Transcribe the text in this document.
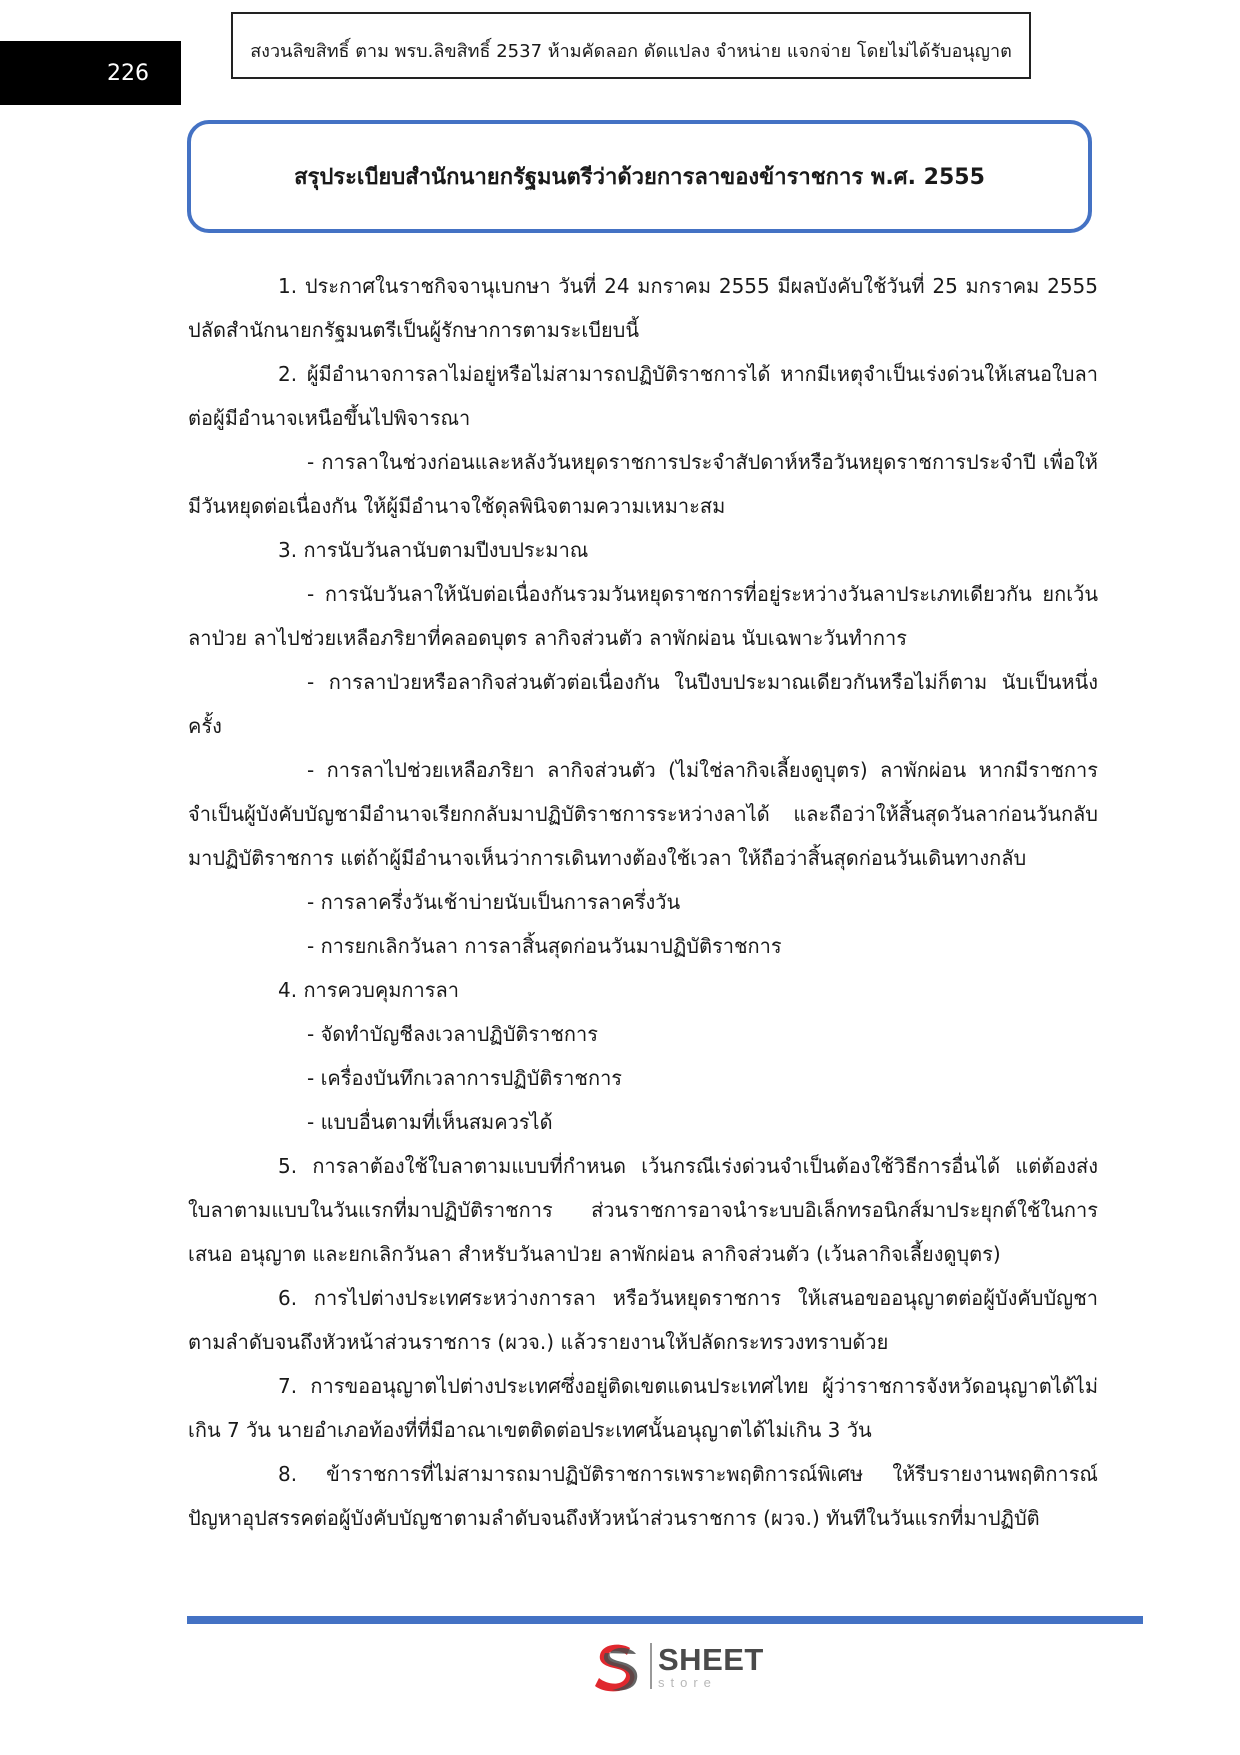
226
สงวนลิขสิทธิ์ ตาม พรบ.ลิขสิทธิ์ 2537 ห้ามคัดลอก ดัดแปลง จำหน่าย แจกจ่าย โดยไม่ได้รับอนุญาต
สรุประเบียบสำนักนายกรัฐมนตรีว่าด้วยการลาของข้าราชการ พ.ศ. 2555

1. ประกาศในราชกิจจานุเบกษา วันที่ 24 มกราคม 2555 มีผลบังคับใช้วันที่ 25 มกราคม 2555 ปลัดสำนักนายกรัฐมนตรีเป็นผู้รักษาการตามระเบียบนี้

2. ผู้มีอำนาจการลาไม่อยู่หรือไม่สามารถปฏิบัติราชการได้ หากมีเหตุจำเป็นเร่งด่วนให้เสนอใบลาต่อผู้มีอำนาจเหนือขึ้นไปพิจารณา

- การลาในช่วงก่อนและหลังวันหยุดราชการประจำสัปดาห์หรือวันหยุดราชการประจำปี เพื่อให้มีวันหยุดต่อเนื่องกัน ให้ผู้มีอำนาจใช้ดุลพินิจตามความเหมาะสม

3. การนับวันลานับตามปีงบประมาณ

- การนับวันลาให้นับต่อเนื่องกันรวมวันหยุดราชการที่อยู่ระหว่างวันลาประเภทเดียวกัน ยกเว้นลาป่วย ลาไปช่วยเหลือภริยาที่คลอดบุตร ลากิจส่วนตัว ลาพักผ่อน นับเฉพาะวันทำการ

- การลาป่วยหรือลากิจส่วนตัวต่อเนื่องกัน ในปีงบประมาณเดียวกันหรือไม่ก็ตาม นับเป็นหนึ่งครั้ง

- การลาไปช่วยเหลือภริยา ลากิจส่วนตัว (ไม่ใช่ลากิจเลี้ยงดูบุตร) ลาพักผ่อน หากมีราชการจำเป็นผู้บังคับบัญชามีอำนาจเรียกกลับมาปฏิบัติราชการระหว่างลาได้ และถือว่าให้สิ้นสุดวันลาก่อนวันกลับมาปฏิบัติราชการ แต่ถ้าผู้มีอำนาจเห็นว่าการเดินทางต้องใช้เวลา ให้ถือว่าสิ้นสุดก่อนวันเดินทางกลับ

- การลาครึ่งวันเช้าบ่ายนับเป็นการลาครึ่งวัน

- การยกเลิกวันลา การลาสิ้นสุดก่อนวันมาปฏิบัติราชการ

4. การควบคุมการลา

- จัดทำบัญชีลงเวลาปฏิบัติราชการ

- เครื่องบันทึกเวลาการปฏิบัติราชการ

- แบบอื่นตามที่เห็นสมควรได้

5. การลาต้องใช้ใบลาตามแบบที่กำหนด เว้นกรณีเร่งด่วนจำเป็นต้องใช้วิธีการอื่นได้ แต่ต้องส่งใบลาตามแบบในวันแรกที่มาปฏิบัติราชการ ส่วนราชการอาจนำระบบอิเล็กทรอนิกส์มาประยุกต์ใช้ในการเสนอ อนุญาต และยกเลิกวันลา สำหรับวันลาป่วย ลาพักผ่อน ลากิจส่วนตัว (เว้นลากิจเลี้ยงดูบุตร)

6. การไปต่างประเทศระหว่างการลา หรือวันหยุดราชการ ให้เสนอขออนุญาตต่อผู้บังคับบัญชาตามลำดับจนถึงหัวหน้าส่วนราชการ (ผวจ.) แล้วรายงานให้ปลัดกระทรวงทราบด้วย

7. การขออนุญาตไปต่างประเทศซึ่งอยู่ติดเขตแดนประเทศไทย ผู้ว่าราชการจังหวัดอนุญาตได้ไม่เกิน 7 วัน นายอำเภอท้องที่ที่มีอาณาเขตติดต่อประเทศนั้นอนุญาตได้ไม่เกิน 3 วัน

8. ข้าราชการที่ไม่สามารถมาปฏิบัติราชการเพราะพฤติการณ์พิเศษ ให้รีบรายงานพฤติการณ์ปัญหาอุปสรรคต่อผู้บังคับบัญชาตามลำดับจนถึงหัวหน้าส่วนราชการ (ผวจ.) ทันทีในวันแรกที่มาปฏิบัติ

SHEET
store
